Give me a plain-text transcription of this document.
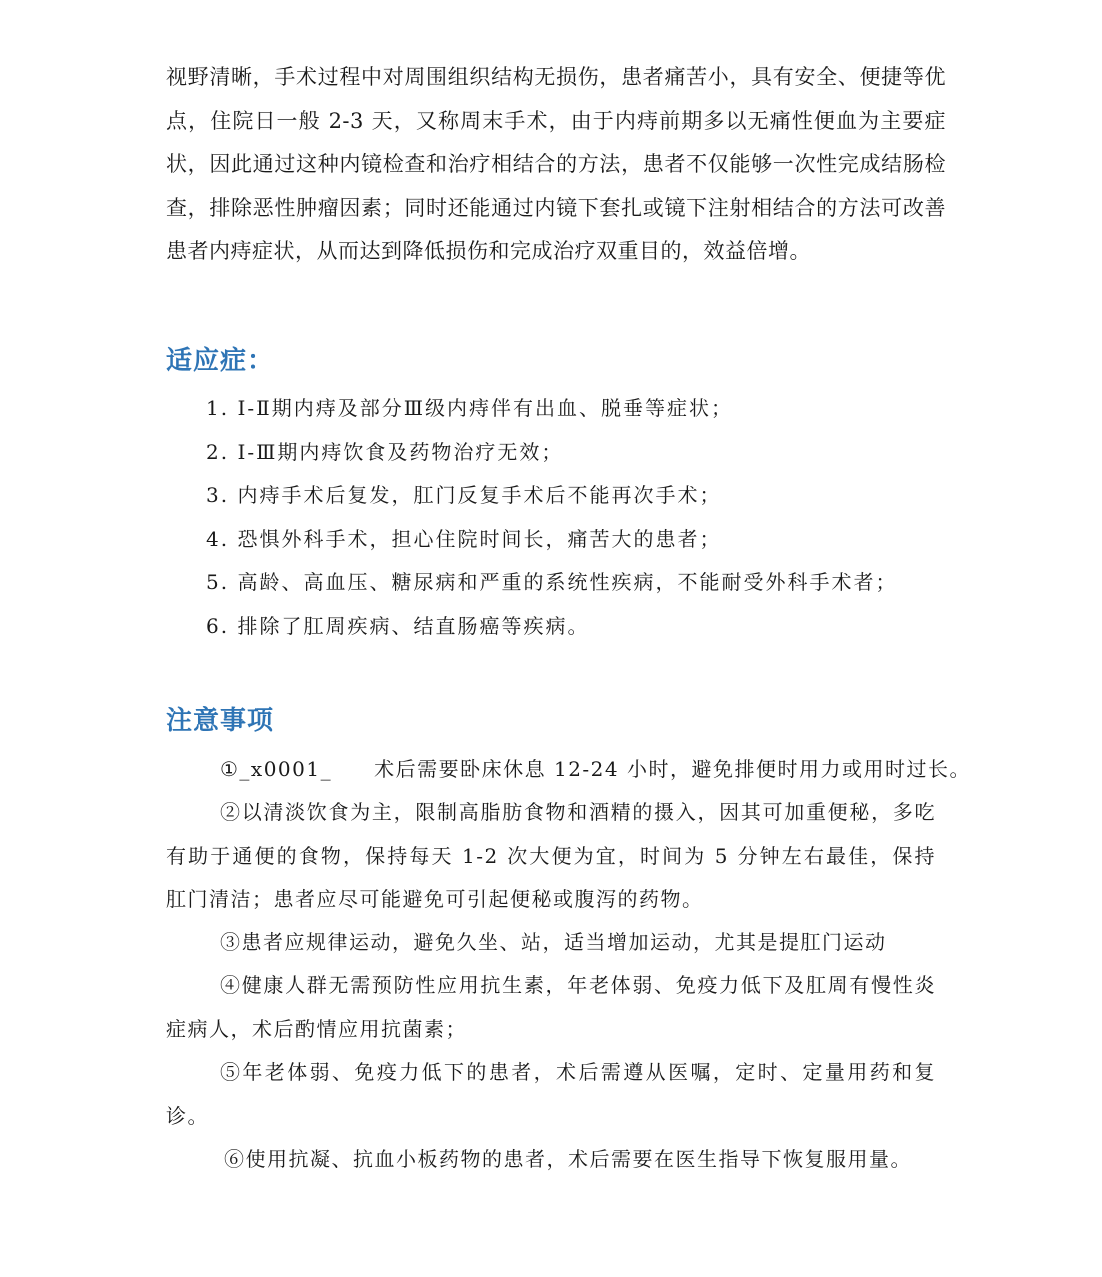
视野清晰，手术过程中对周围组织结构无损伤，患者痛苦小，具有安全、便捷等优点，住院日一般 2-3 天，又称周末手术，由于内痔前期多以无痛性便血为主要症状，因此通过这种内镜检查和治疗相结合的方法，患者不仅能够一次性完成结肠检查，排除恶性肿瘤因素；同时还能通过内镜下套扎或镜下注射相结合的方法可改善患者内痔症状，从而达到降低损伤和完成治疗双重目的，效益倍增。

适应症：
1. Ⅰ-Ⅱ期内痔及部分Ⅲ级内痔伴有出血、脱垂等症状；
2. Ⅰ-Ⅲ期内痔饮食及药物治疗无效；
3. 内痔手术后复发，肛门反复手术后不能再次手术；
4. 恐惧外科手术，担心住院时间长，痛苦大的患者；
5. 高龄、高血压、糖尿病和严重的系统性疾病，不能耐受外科手术者；
6. 排除了肛周疾病、结直肠癌等疾病。
注意事项

①_x0001_ 术后需要卧床休息 12-24 小时，避免排便时用力或用时过长。

②以清淡饮食为主，限制高脂肪食物和酒精的摄入，因其可加重便秘，多吃有助于通便的食物，保持每天 1-2 次大便为宜，时间为 5 分钟左右最佳，保持肛门清洁；患者应尽可能避免可引起便秘或腹泻的药物。

③患者应规律运动，避免久坐、站，适当增加运动，尤其是提肛门运动

④健康人群无需预防性应用抗生素，年老体弱、免疫力低下及肛周有慢性炎症病人，术后酌情应用抗菌素；

⑤年老体弱、免疫力低下的患者，术后需遵从医嘱，定时、定量用药和复诊。

⑥使用抗凝、抗血小板药物的患者，术后需要在医生指导下恢复服用量。
